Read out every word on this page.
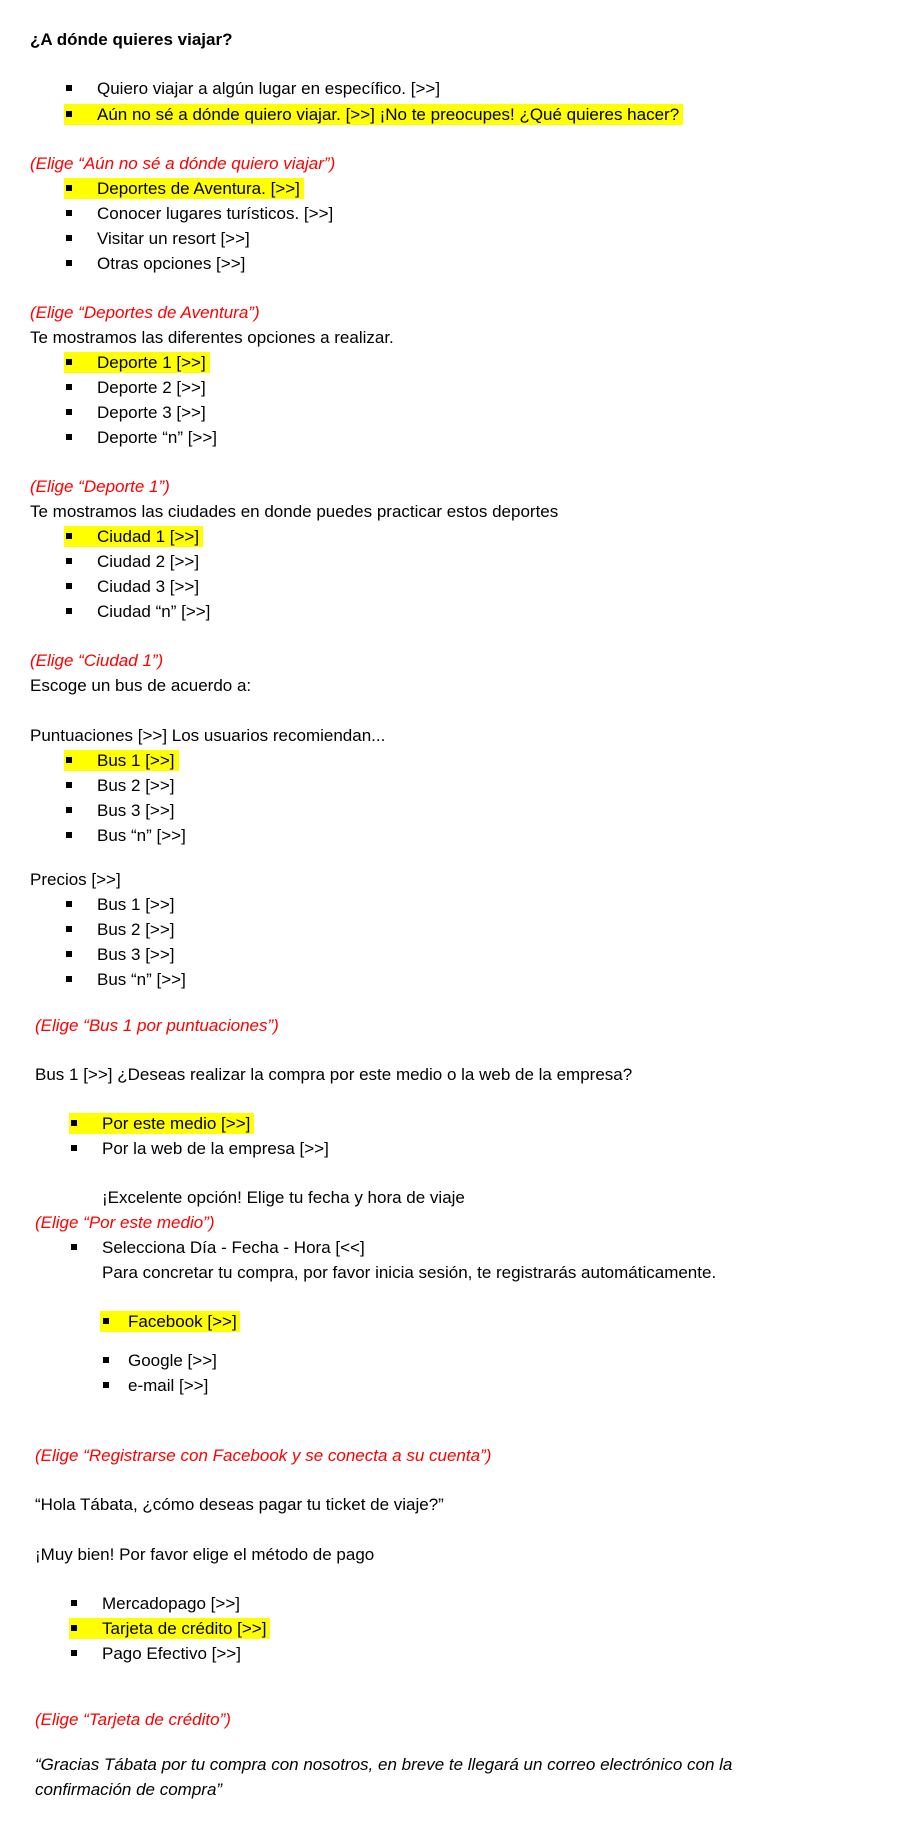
¿A dónde quieres viajar?
Quiero viajar a algún lugar en específico. [>>]
Aún no sé a dónde quiero viajar. [>>] ¡No te preocupes! ¿Qué quieres hacer?
(Elige “Aún no sé a dónde quiero viajar”)
Deportes de Aventura. [>>]
Conocer lugares turísticos. [>>]
Visitar un resort [>>]
Otras opciones [>>]
(Elige “Deportes de Aventura”)
Te mostramos las diferentes opciones a realizar.
Deporte 1 [>>]
Deporte 2 [>>]
Deporte 3 [>>]
Deporte “n” [>>]
(Elige “Deporte 1”)
Te mostramos las ciudades en donde puedes practicar estos deportes
Ciudad 1 [>>]
Ciudad 2 [>>]
Ciudad 3 [>>]
Ciudad “n” [>>]
(Elige “Ciudad 1”)
Escoge un bus de acuerdo a:
Puntuaciones [>>] Los usuarios recomiendan...
Bus 1 [>>]
Bus 2 [>>]
Bus 3 [>>]
Bus “n” [>>]
Precios [>>]
Bus 1 [>>]
Bus 2 [>>]
Bus 3 [>>]
Bus “n” [>>]
(Elige “Bus 1 por puntuaciones”)
Bus 1 [>>] ¿Deseas realizar la compra por este medio o la web de la empresa?
Por este medio [>>]
Por la web de la empresa [>>]
¡Excelente opción! Elige tu fecha y hora de viaje
(Elige “Por este medio”)
Selecciona Día - Fecha - Hora [<<]
Para concretar tu compra, por favor inicia sesión, te registrarás automáticamente.
Facebook [>>]
Google [>>]
e-mail [>>]
(Elige “Registrarse con Facebook y se conecta a su cuenta”)
“Hola Tábata, ¿cómo deseas pagar tu ticket de viaje?”
¡Muy bien! Por favor elige el método de pago
Mercadopago [>>]
Tarjeta de crédito [>>]
Pago Efectivo [>>]
(Elige “Tarjeta de crédito”)
“Gracias Tábata por tu compra con nosotros, en breve te llegará un correo electrónico con la
confirmación de compra”
